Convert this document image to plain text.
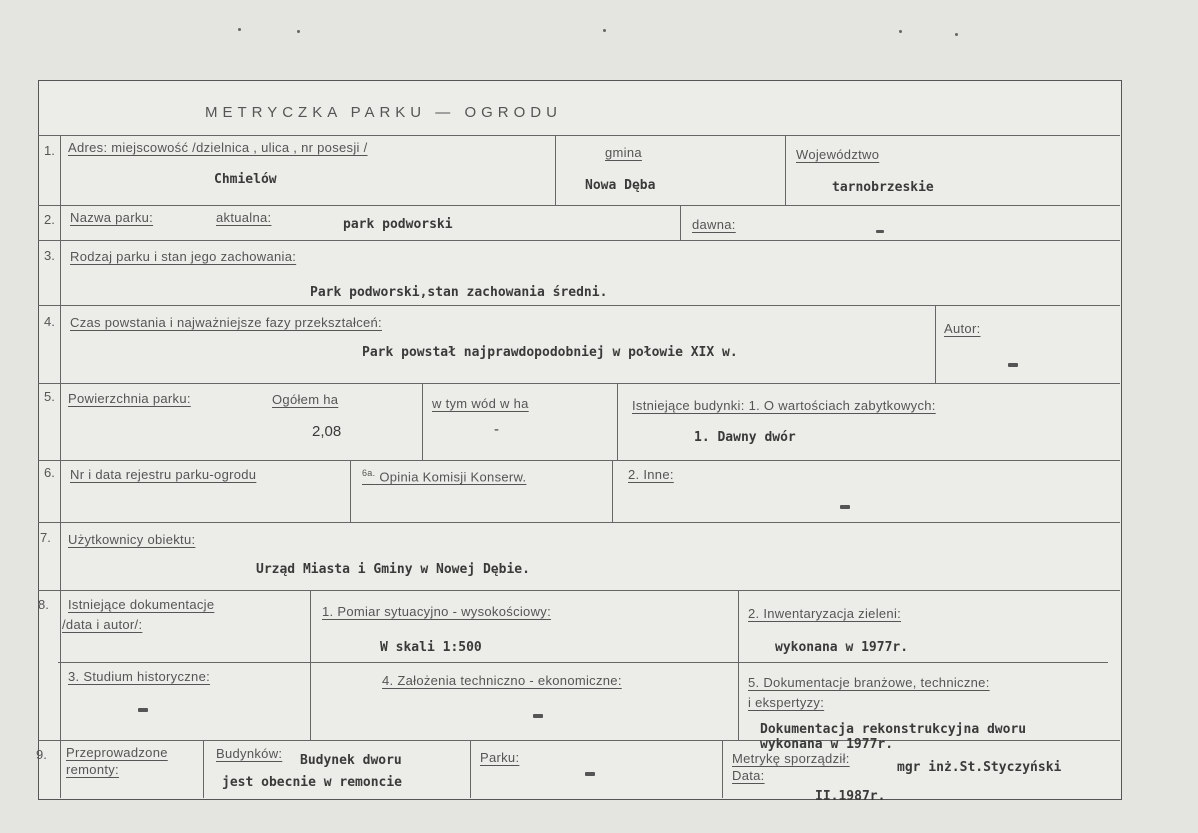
METRYCZKA PARKU — OGRODU
1. Adres: miejscowość /dzielnica , ulica , nr posesji /
Chmielów
gmina
Nowa Dęba
Województwo
tarnobrzeskie
2. Nazwa parku:	aktualna:	park podworski	dawna:
3. Rodzaj parku i stan jego zachowania:
Park podworski,stan zachowania średni.
4. Czas powstania i najważniejsze fazy przekształceń:
Park powstał najprawdopodobniej w połowie XIX w.
Autor:
5. Powierzchnia parku:	Ogółem ha
2,08
w tym wód w ha
-
Istniejące budynki: 1. O wartościach zabytkowych:
1. Dawny dwór
6. Nr i data rejestru parku-ogrodu	$^{6a.}$ Opinia Komisji Konserw.	2. Inne:
7. Użytkownicy obiektu:
Urząd Miasta i Gminy w Nowej Dębie.
8. Istniejące dokumentacje
/data i autor/:
1. Pomiar sytuacyjno - wysokościowy:
W skali 1:500
2. Inwentaryzacja zieleni:
wykonana w 1977r.
3. Studium historyczne:	4. Założenia techniczno - ekonomiczne:	5. Dokumentacje branżowe, techniczne:
i ekspertyzy:
Dokumentacja rekonstrukcyjna dworu
wykonana w 1977r.
9. Przeprowadzone
remonty:
Budynków: Budynek dworu
jest obecnie w remoncie
Parku:	Metrykę sporządził:
mgr inż.St.Styczyński
Data:
II.1987r.
